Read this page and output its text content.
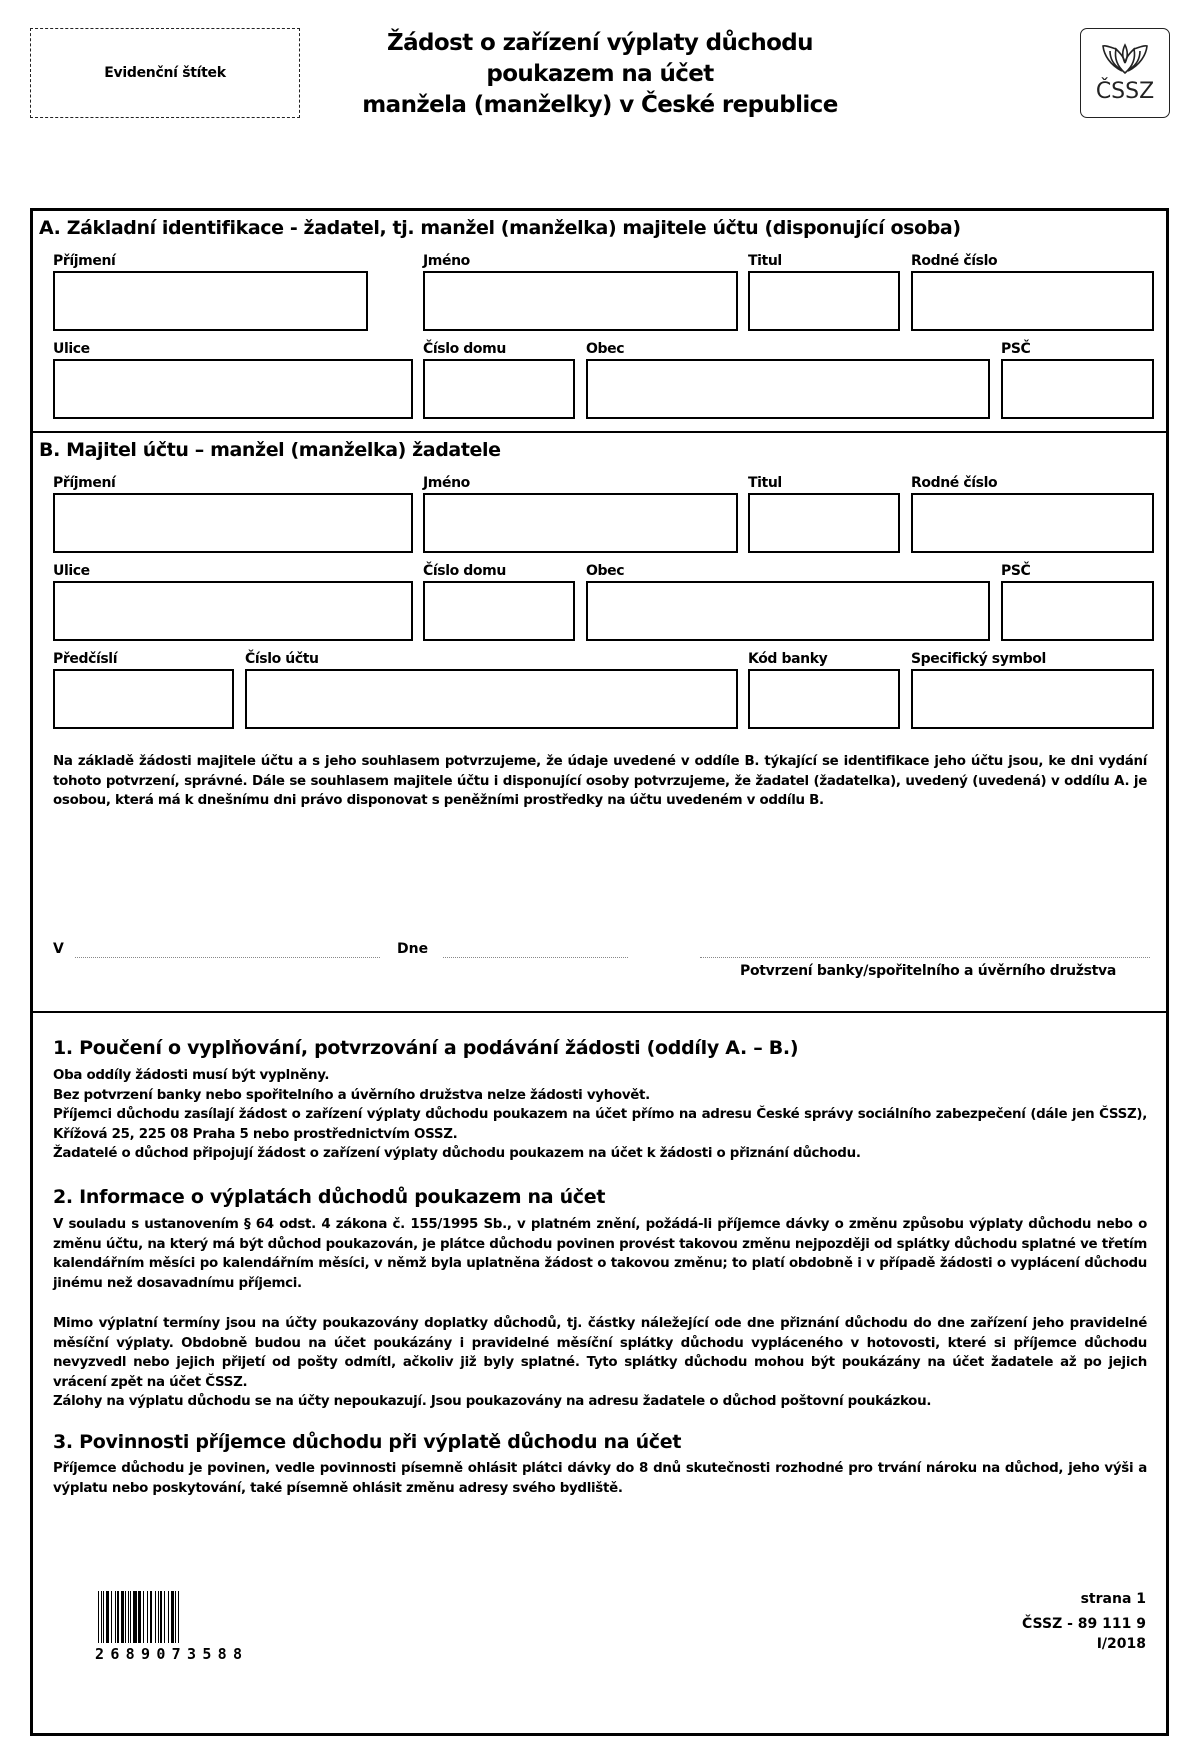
Evidenční štítek
Žádost o zařízení výplaty důchodu
poukazem na účet
manžela (manželky) v České republice
ČSSZ
A. Základní identifikace - žadatel, tj. manžel (manželka) majitele účtu (disponující osoba)
Příjmení	Jméno	Titul	Rodné číslo
Ulice	Číslo domu	Obec	PSČ
B. Majitel účtu – manžel (manželka) žadatele
Příjmení	Jméno	Titul	Rodné číslo
Ulice	Číslo domu	Obec	PSČ
Předčíslí	Číslo účtu	Kód banky	Specifický symbol
Na základě žádosti majitele účtu a s jeho souhlasem potvrzujeme, že údaje uvedené v oddíle B. týkající se identifikace jeho účtu jsou, ke dni vydání tohoto potvrzení, správné. Dále se souhlasem majitele účtu i disponující osoby potvrzujeme, že žadatel (žadatelka), uvedený (uvedená) v oddílu A. je osobou, která má k dnešnímu dni právo disponovat s peněžními prostředky na účtu uvedeném v oddílu B.
V	Dne
Potvrzení banky/spořitelního a úvěrního družstva
1. Poučení o vyplňování, potvrzování a podávání žádosti (oddíly A. – B.)

Oba oddíly žádosti musí být vyplněny.

Bez potvrzení banky nebo spořitelního a úvěrního družstva nelze žádosti vyhovět.

Příjemci důchodu zasílají žádost o zařízení výplaty důchodu poukazem na účet přímo na adresu České správy sociálního zabezpečení (dále jen ČSSZ), Křížová 25, 225 08 Praha 5 nebo prostřednictvím OSSZ.

Žadatelé o důchod připojují žádost o zařízení výplaty důchodu poukazem na účet k žádosti o přiznání důchodu.

2. Informace o výplatách důchodů poukazem na účet
V souladu s ustanovením § 64 odst. 4 zákona č. 155/1995 Sb., v platném znění, požádá-li příjemce dávky o změnu způsobu výplaty důchodu nebo o změnu účtu, na který má být důchod poukazován, je plátce důchodu povinen provést takovou změnu nejpozději od splátky důchodu splatné ve třetím kalendářním měsíci po kalendářním měsíci, v němž byla uplatněna žádost o takovou změnu; to platí obdobně i v případě žádosti o vyplácení důchodu jinému než dosavadnímu příjemci.
Mimo výplatní termíny jsou na účty poukazovány doplatky důchodů, tj. částky náležející ode dne přiznání důchodu do dne zařízení jeho pravidelné měsíční výplaty. Obdobně budou na účet poukázány i pravidelné měsíční splátky důchodu vypláceného v hotovosti, které si příjemce důchodu nevyzvedl nebo jejich přijetí od pošty odmítl, ačkoliv již byly splatné. Tyto splátky důchodu mohou být poukázány na účet žadatele až po jejich vrácení zpět na účet ČSSZ.
Zálohy na výplatu důchodu se na účty nepoukazují. Jsou poukazovány na adresu žadatele o důchod poštovní poukázkou.
3. Povinnosti příjemce důchodu při výplatě důchodu na účet
Příjemce důchodu je povinen, vedle povinnosti písemně ohlásit plátci dávky do 8 dnů skutečnosti rozhodné pro trvání nároku na důchod, jeho výši a výplatu nebo poskytování, také písemně ohlásit změnu adresy svého bydliště.
2689073588
strana 1
ČSSZ - 89 111 9
I/2018
